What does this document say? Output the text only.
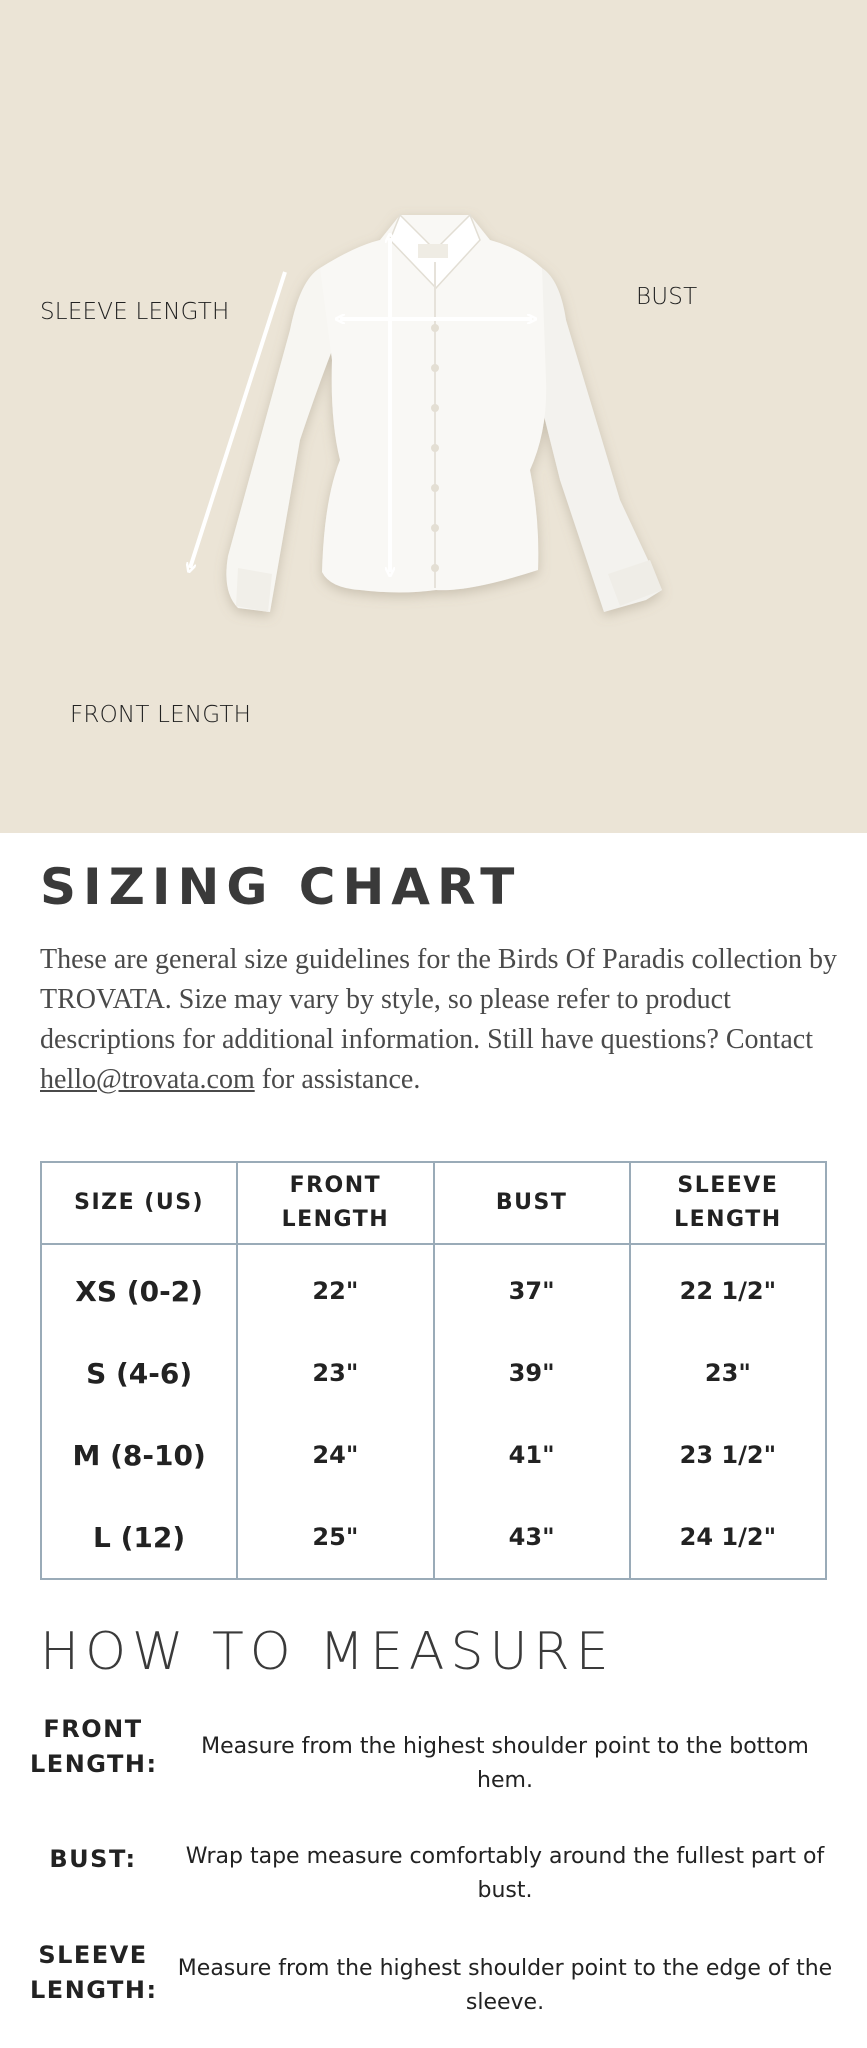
SLEEVE LENGTH
BUST
FRONT LENGTH
SIZING CHART

These are general size guidelines for the Birds Of Paradis collection by TROVATA. Size may vary by style, so please refer to product descriptions for additional information. Still have questions? Contact hello@trovata.com for assistance.

SIZE (US)	FRONT LENGTH	BUST	SLEEVE LENGTH
XS (0-2)	22"	37"	22 1/2"
S (4-6)	23"	39"	23"
M (8-10)	24"	41"	23 1/2"
L (12)	25"	43"	24 1/2"
HOW TO MEASURE
FRONT LENGTH:
Measure from the highest shoulder point to the bottom hem.
BUST:	Wrap tape measure comfortably around the fullest part of bust.
SLEEVE LENGTH:
Measure from the highest shoulder point to the edge of the sleeve.
